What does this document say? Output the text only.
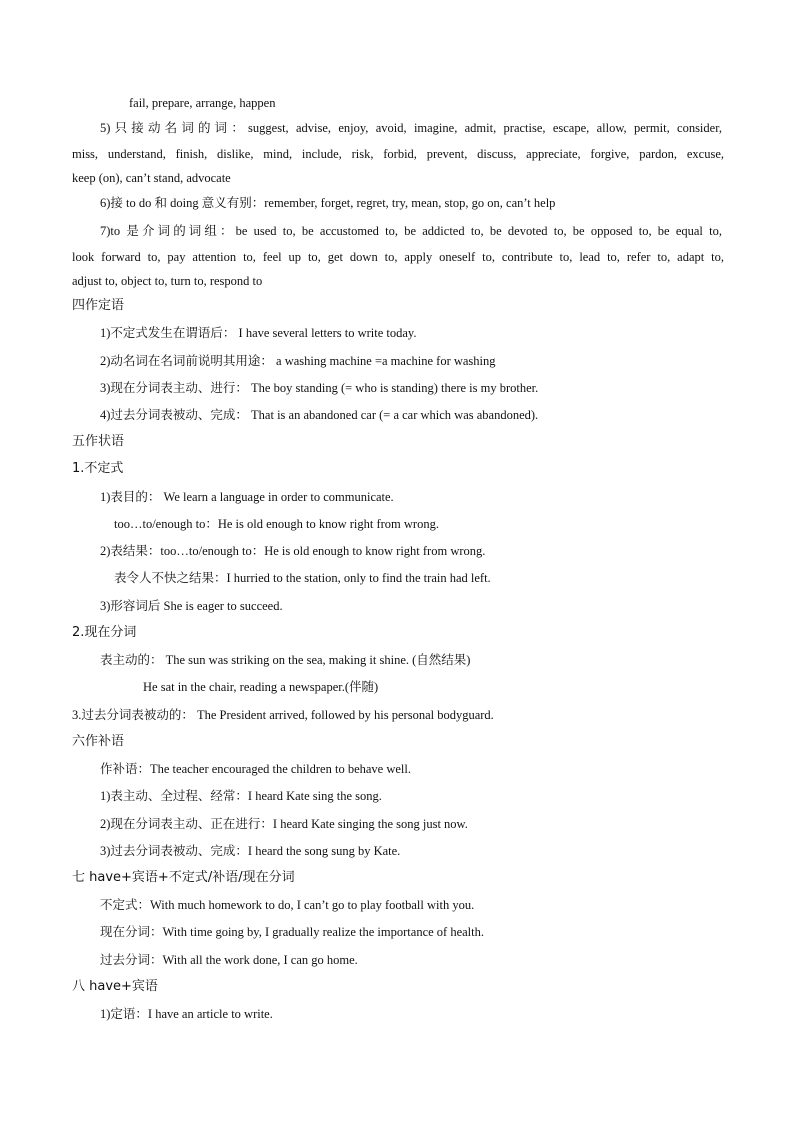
fail, prepare, arrange, happen
5)只接动名词的词：suggest, advise, enjoy, avoid, imagine, admit, practise, escape, allow, permit, consider,
miss, understand, finish, dislike, mind, include, risk, forbid, prevent, discuss, appreciate, forgive, pardon, excuse,
keep (on), can’t stand, advocate
6)接 to do 和 doing 意义有别：remember, forget, regret, try, mean, stop, go on, can’t help
7)to 是介词的词组：be used to, be accustomed to, be addicted to, be devoted to, be opposed to, be equal to,
look forward to, pay attention to, feel up to, get down to, apply oneself to, contribute to, lead to, refer to, adapt to,
adjust to, object to, turn to, respond to
四作定语
1)不定式发生在谓语后： I have several letters to write today.
2)动名词在名词前说明其用途： a washing machine =a machine for washing
3)现在分词表主动、进行： The boy standing (= who is standing) there is my brother.
4)过去分词表被动、完成： That is an abandoned car (= a car which was abandoned).
五作状语
1.不定式
1)表目的： We learn a language in order to communicate.
too…to/enough to：He is old enough to know right from wrong.
2)表结果：too…to/enough to：He is old enough to know right from wrong.
表令人不快之结果：I hurried to the station, only to find the train had left.
3)形容词后 She is eager to succeed.
2.现在分词
表主动的： The sun was striking on the sea, making it shine. (自然结果)
He sat in the chair, reading a newspaper.(伴随)
3.过去分词表被动的： The President arrived, followed by his personal bodyguard.
六作补语
作补语：The teacher encouraged the children to behave well.
1)表主动、全过程、经常：I heard Kate sing the song.
2)现在分词表主动、正在进行：I heard Kate singing the song just now.
3)过去分词表被动、完成：I heard the song sung by Kate.
七 have+宾语+不定式/补语/现在分词
不定式：With much homework to do, I can’t go to play football with you.
现在分词：With time going by, I gradually realize the importance of health.
过去分词：With all the work done, I can go home.
八 have+宾语
1)定语：I have an article to write.
